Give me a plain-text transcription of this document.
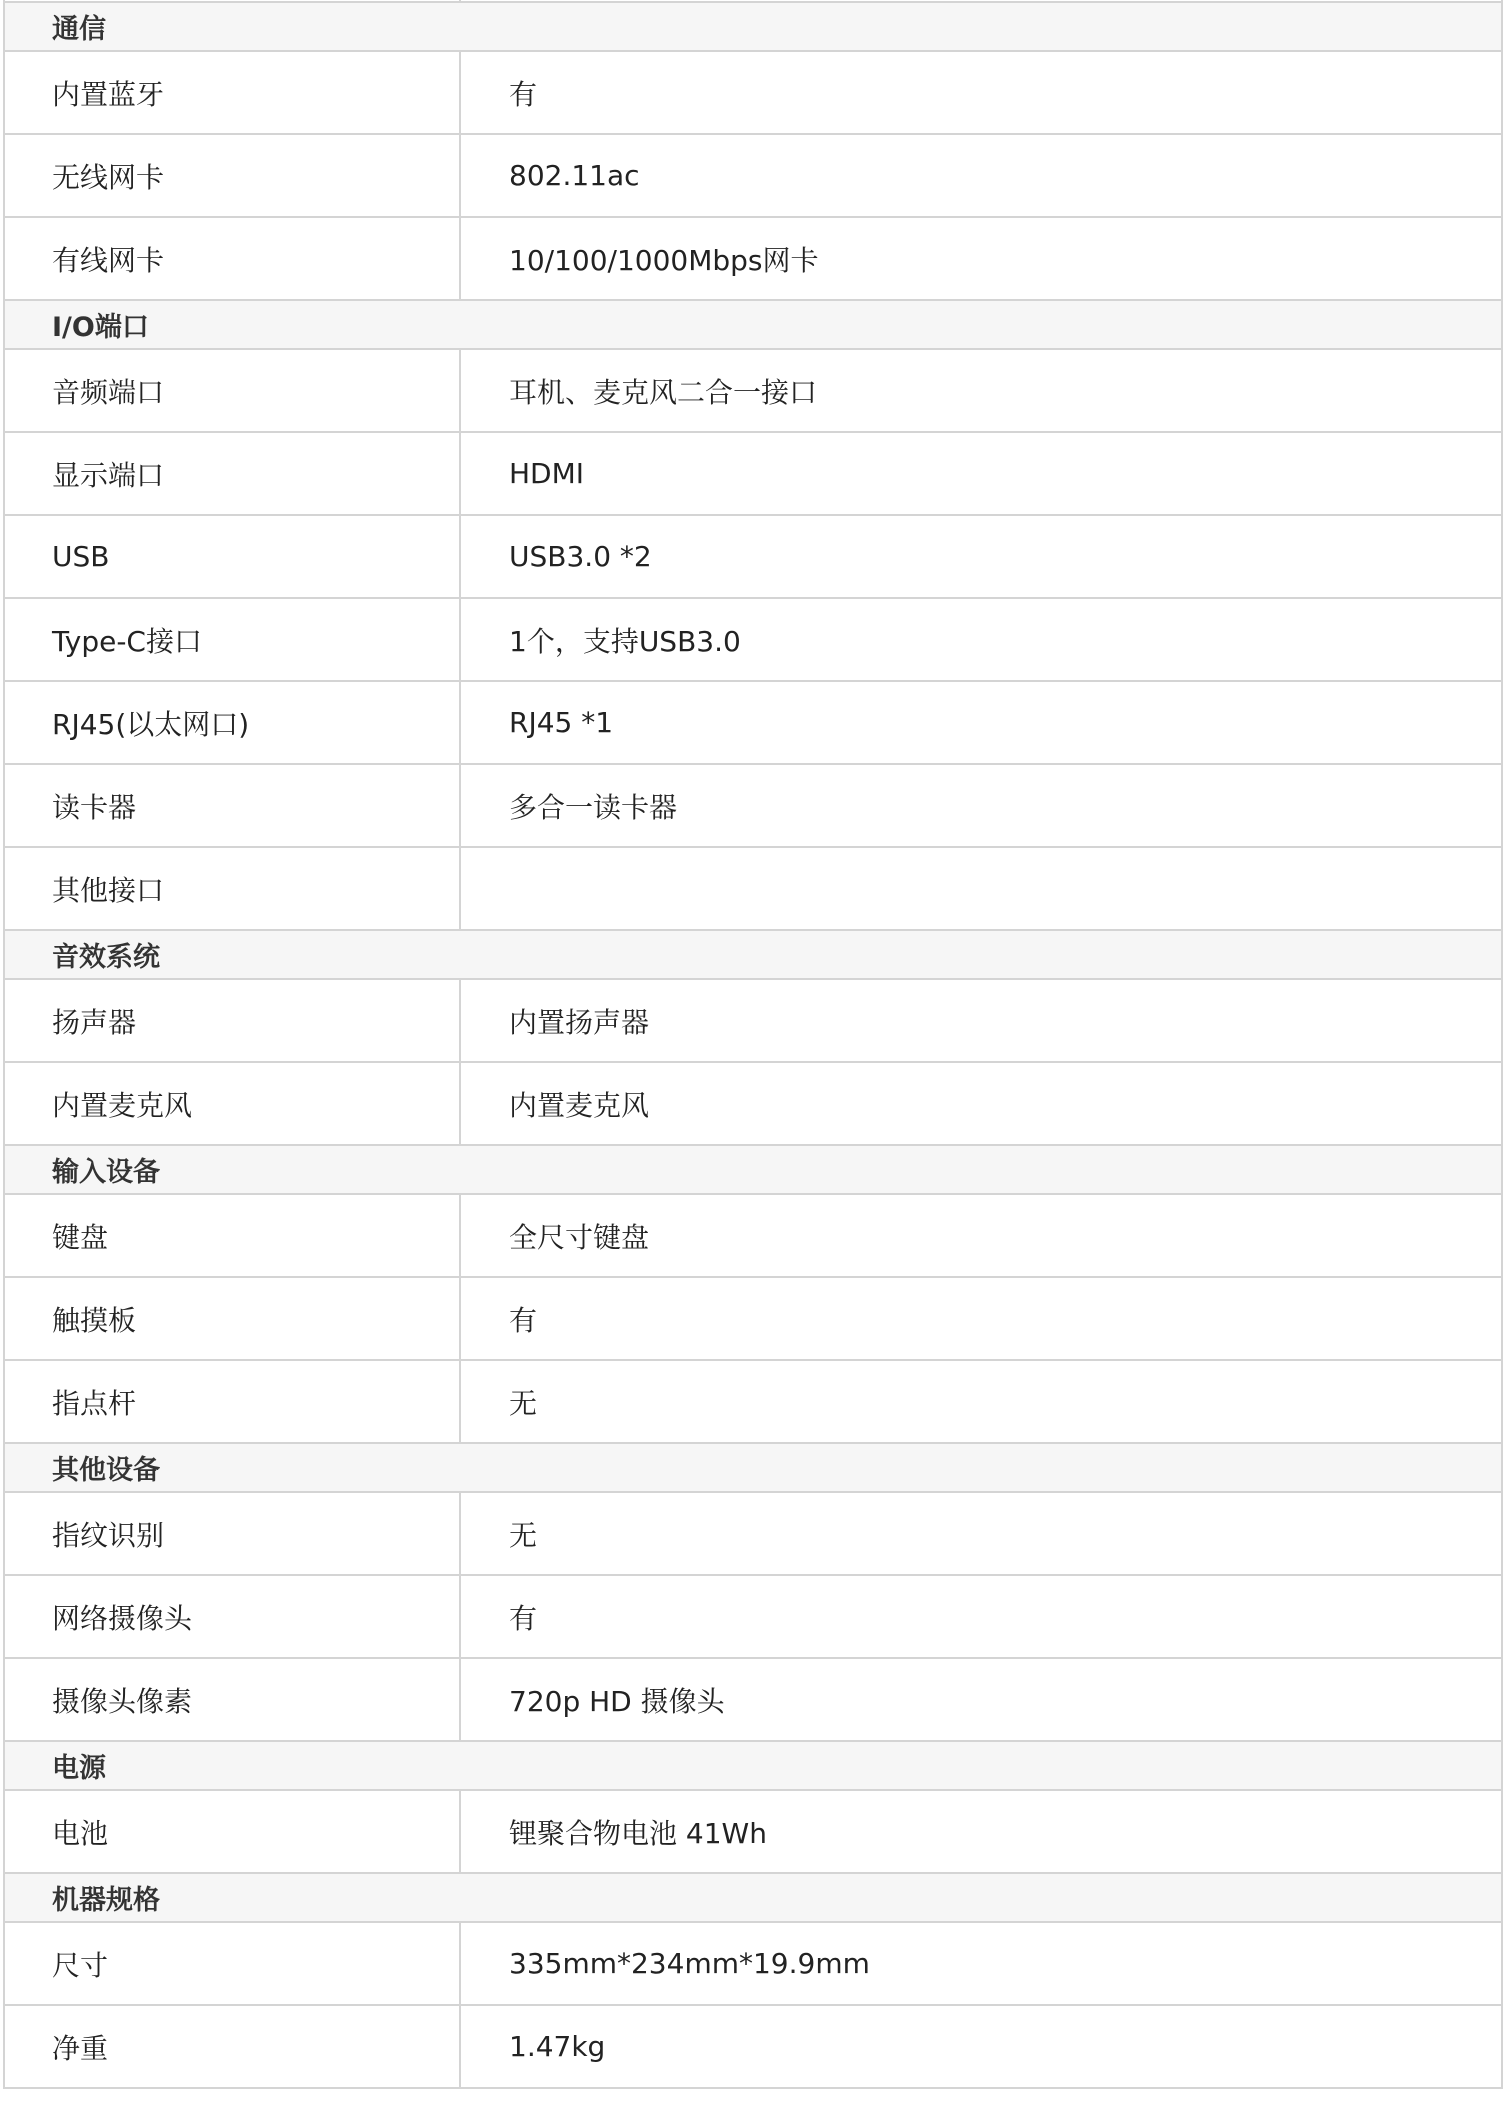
通信	
内置蓝牙	有
无线网卡	802.11ac
有线网卡	10/100/1000Mbps网卡
I/O端口	
音频端口	耳机、麦克风二合一接口
显示端口	HDMI
USB	USB3.0 *2
Type-C接口	1个，支持USB3.0
RJ45(以太网口)	RJ45 *1
读卡器	多合一读卡器
其他接口	
音效系统	
扬声器	内置扬声器
内置麦克风	内置麦克风
输入设备	
键盘	全尺寸键盘
触摸板	有
指点杆	无
其他设备	
指纹识别	无
网络摄像头	有
摄像头像素	720p HD 摄像头
电源	
电池	锂聚合物电池 41Wh
机器规格	
尺寸	335mm*234mm*19.9mm
净重	1.47kg
